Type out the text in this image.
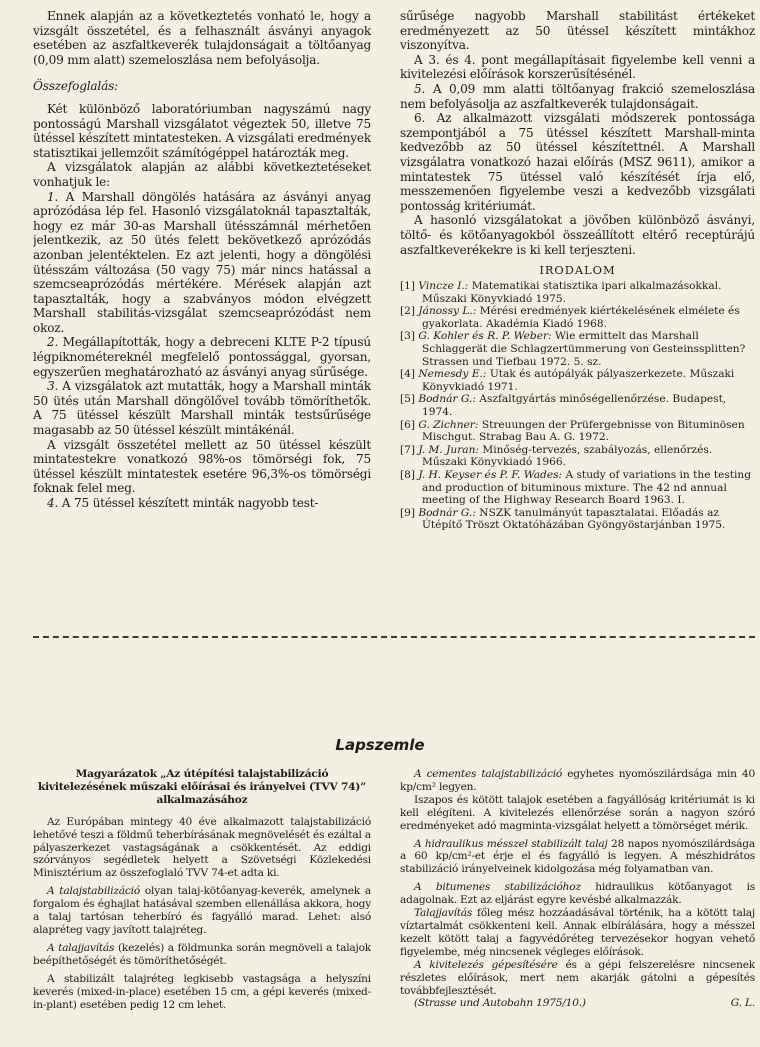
Ennek alapján az a következtetés vonható le, hogy a vizsgált összetétel, és a felhasznált ásványi anyagok esetében az aszfaltkeverék tulajdonságait a töltőanyag (0,09 mm alatt) szemeloszlása nem befolyásolja.

Összefoglalás:

Két különböző laboratóriumban nagyszámú nagy pontosságú Marshall vizsgálatot végeztek 50, illetve 75 ütéssel készített mintatesteken. A vizsgálati eredmények statisztikai jellemzőit számítógéppel határozták meg.

A vizsgálatok alapján az alábbi következtetéseket vonhatjuk le:

1. A Marshall döngölés hatására az ásványi anyag aprózódása lép fel. Hasonló vizsgálatoknál tapasztalták, hogy ez már 30-as Marshall ütésszámnál mérhetően jelentkezik, az 50 ütés felett bekövetkező aprózódás azonban jelentéktelen. Ez azt jelenti, hogy a döngölési ütésszám változása (50 vagy 75) már nincs hatással a szemcseaprózódás mértékére. Mérések alapján azt tapasztalták, hogy a szabványos módon elvégzett Marshall stabilitás-vizsgálat szemcseaprózódást nem okoz.

2. Megállapították, hogy a debreceni KLTE P-2 típusú légpiknométereknél megfelelő pontossággal, gyorsan, egyszerűen meghatározható az ásványi anyag sűrűsége.

3. A vizsgálatok azt mutatták, hogy a Marshall minták 50 ütés után Marshall döngölővel tovább tömöríthetők. A 75 ütéssel készült Marshall minták testsűrűsége magasabb az 50 ütéssel készült mintákénál.

A vizsgált összetétel mellett az 50 ütéssel készült mintatestekre vonatkozó 98%-os tömörségi fok, 75 ütéssel készült mintatestek esetére 96,3%-os tömörségi foknak felel meg.

4. A 75 ütéssel készített minták nagyobb test-

sűrűsége nagyobb Marshall stabilitást értékeket eredményezett az 50 ütéssel készített mintákhoz viszonyítva.

A 3. és 4. pont megállapításait figyelembe kell venni a kivitelezési előírások korszerűsítésénél.

5. A 0,09 mm alatti töltőanyag frakció szemeloszlása nem befolyásolja az aszfaltkeverék tulajdonságait.

6. Az alkalmazott vizsgálati módszerek pontossága szempontjából a 75 ütéssel készített Marshall-minta kedvezőbb az 50 ütéssel készítettnél. A Marshall vizsgálatra vonatkozó hazai előírás (MSZ 9611), amikor a mintatestek 75 ütéssel való készítését írja elő, messzemenően figyelembe veszi a kedvezőbb vizsgálati pontosság kritériumát.

A hasonló vizsgálatokat a jövőben különböző ásványi, töltő- és kötőanyagokból összeállított eltérő receptúrájú aszfaltkeverékekre is ki kell terjeszteni.

IRODALOM

[1] Vincze I.: Matematikai statisztika ipari alkalmazásokkal. Műszaki Könyvkiadó 1975.

[2] Jánossy L.: Mérési eredmények kiértékelésének elmélete és gyakorlata. Akadémia Kiadó 1968.

[3] G. Kohler és R. P. Weber: Wie ermittelt das Marshall Schlaggerät die Schlagzertümmerung von Gesteinssplitten? Strassen und Tiefbau 1972. 5. sz.

[4] Nemesdy E.: Utak és autópályák pályaszerkezete. Műszaki Könyvkiadó 1971.

[5] Bodnár G.: Aszfaltgyártás minőségellenőrzése. Budapest, 1974.

[6] G. Zichner: Streuungen der Prüfergebnisse von Bituminösen Mischgut. Strabag Bau A. G. 1972.

[7] J. M. Juran: Minőség-tervezés, szabályozás, ellenőrzés. Műszaki Könyvkiadó 1966.

[8] J. H. Keyser és P. F. Wades: A study of variations in the testing and production of bituminous mixture. The 42 nd annual meeting of the Highway Research Board 1963. I.

[9] Bodnár G.: NSZK tanulmányút tapasztalatai. Előadás az Útépítő Tröszt Oktatóházában Gyöngyöstarjánban 1975.

Lapszemle

Magyarázatok „Az útépítési talajstabilizáció kivitelezésének műszaki előírásai és irányelvei (TVV 74)” alkalmazásához

Az Európában mintegy 40 éve alkalmazott talajstabilizáció lehetővé teszi a földmű teherbírásának megnövelését és ezáltal a pályaszerkezet vastagságának a csökkentését. Az eddigi szórványos segédletek helyett a Szövetségi Közlekedési Minisztérium az összefoglaló TVV 74-et adta ki.

A talajstabilizáció olyan talaj-kötőanyag-keverék, amelynek a forgalom és éghajlat hatásával szemben ellenállása akkora, hogy a talaj tartósan teherbíró és fagyálló marad. Lehet: alsó alapréteg vagy javított talajréteg.

A talajjavítás (kezelés) a földmunka során megnöveli a talajok beépíthetőségét és tömöríthetőségét.

A stabilizált talajréteg legkisebb vastagsága a helyszíni keverés (mixed-in-place) esetében 15 cm, a gépi keverés (mixed-in-plant) esetében pedig 12 cm lehet.

A cementes talajstabilizáció egyhetes nyomószilárdsága min 40 kp/cm² legyen.

Iszapos és kötött talajok esetében a fagyállóság kritériumát is ki kell elégíteni. A kivitelezés ellenőrzése során a nagyon szóró eredményeket adó magminta-vizsgálat helyett a tömörséget mérik.

A hidraulikus mésszel stabilizált talaj 28 napos nyomószilárdsága a 60 kp/cm²-et érje el és fagyálló is legyen. A mészhidrátos stabilizáció irányelveinek kidolgozása még folyamatban van.

A bitumenes stabilizációhoz hidraulikus kötőanyagot is adagolnak. Ezt az eljárást egyre kevésbé alkalmazzák.

Talajjavítás főleg mész hozzáadásával történik, ha a kötött talaj víztartalmát csökkenteni kell. Annak elbírálására, hogy a mésszel kezelt kötött talaj a fagyvédőréteg tervezésekor hogyan vehető figyelembe, még nincsenek végleges előírások.

A kivitelezés gépesítésére és a gépi felszerelésre nincsenek részletes előírások, mert nem akarják gátolni a gépesítés továbbfejlesztését.

(Strasse und Autobahn 1975/10.)	G. L.
